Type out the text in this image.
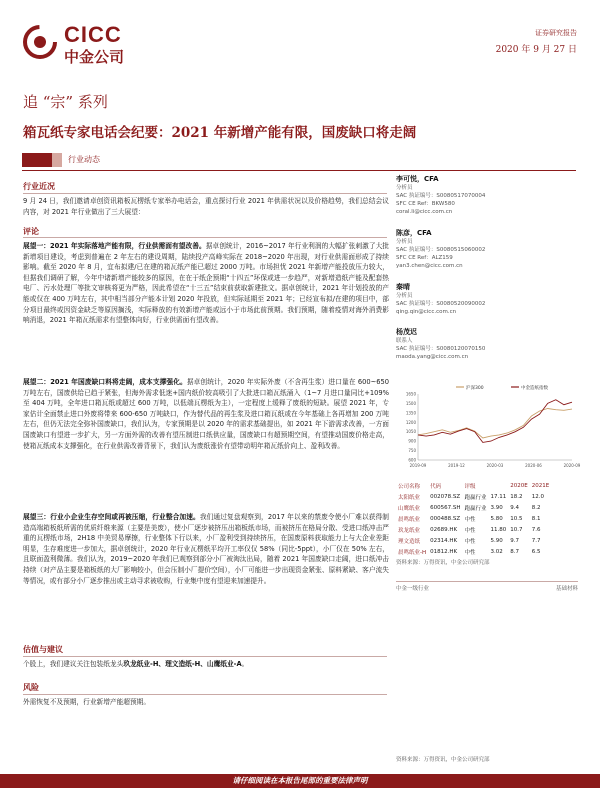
CICC
中金公司
证券研究报告
2020 年 9 月 27 日
追 “宗” 系列
箱瓦纸专家电话会纪要：2021 年新增产能有限，国废缺口将走阔
行业动态
行业近况
9 月 24 日，我们邀请卓创资讯箱板瓦楞纸专家举办电话会，重点探讨行业 2021 年供需状况以及价格趋势，我们总结会议内容，对 2021 年行业做出了三大展望：
评论
展望一：2021 年实际落地产能有限，行业供需面有望改善。据卓创统计，2016~2017 年行业利润的大幅扩张刺激了大批新增项目建设，考虑到普遍在 2 年左右的建设周期，陆续投产高峰实际在 2018~2020 年出现，对行业供需面形成了持续影响。截至 2020 年 8 月，宜布拟建/已在建的箱瓦纸产能已超过 2000 万吨。市场担忧 2021 年新增产能投放压力较大，但据我们调研了解，今年中诸新增产能较多的原因，在在于纸企预期“十四五”环保或进一步趋严，对新增造纸产能及配套热电厂、污水处理厂等批文审核将更为严格，因此希望在“十三五”结束前获取新建批文。据卓创统计，2021 年计划投放的产能或仅在 400 万吨左右，其中相当部分产能本计划 2020 年投放，但实际延期至 2021 年；已经宣布拟/在建的项目中，部分项目最终或因资金缺乏等原因搁浅，实际释放的有效新增产能或远小于市场此前预期。我们预期，随着疫情对海外消费影响消退，2021 年箱瓦纸需求有望整体向好，行业供需面有望改善。
展望二：2021 年国废缺口料将走阔，成本支撑强化。据卓创统计，2020 年实际外废（不含再生浆）进口量在 600~650 万吨左右，国废供给已趋于紧张，但海外需求低迷+国内纸价较高吸引了大批进口箱瓦纸涌入（1~7 月进口量同比+109%至 404 万吨，全年进口箱瓦纸或超过 600 万吨，以低端瓦楞纸为主），一定程度上缓释了废纸的短缺。展望 2021 年，专家估计全面禁止进口外废将带来 600-650 万吨缺口，作为替代品的再生浆及进口箱瓦纸或在今年基础上各再增加 200 万吨左右，但仍无法完全弥补国废缺口，我们认为，专家预期是以 2020 年的需求基础提出，如 2021 年下游需求改善，一方面国废缺口有望进一步扩大，另一方面外需的改善有望压制进口纸供应量，国废缺口有超预期空间，有望推动国废价格走高，使箱瓦纸成本支撑强化，在行业供需改善背景下，我们认为废纸涨价有望带动明年箱瓦纸价向上、盈利改善。
展望三：行业小企业生存空间或再被压缩，行业整合加速。我们通过复盘观察到，2017 年以来的禁废令使小厂难以获得制造高端箱板纸所需的优质纤维来源（主要是美废），使小厂逐步被挤压出箱板纸市场，而被挤压在格局分散、受进口纸冲击严重的瓦楞纸市场，2H18 中美贸易摩擦，行业整体下行以来，小厂盈利受到持续挤压，在国废原料获取能力上与大企业差距明显，生存难度进一步加大，据卓创统计，2020 年行业瓦楞纸平均开工率仅仅 58%（同比-5ppt），小厂仅在 50% 左右，且联面盈利微薄。我们认为，2019~2020 年我们已观察到部分小厂被淘汰出局，随着 2021 年国废缺口走阔，进口纸冲击持续（对产品主要是箱板纸的大厂影响较小，但会压制小厂提价空间），小厂可能进一步出现资金紧张、原料紧缺、客户流失等情况，或有部分小厂逐步推出或主动寻求被收购，行业集中度有望迎来加速提升。
估值与建议
个股上，我们建议关注包装纸龙头玖龙纸业-H、理文造纸-H、山鹰纸业-A。
风险
外需恢复不及预期，行业新增产能超预期。
李可悦，CFA
分析员
SAC 执证编号：S0080517070004
SFC CE Ref：BKW580
coral.li@cicc.com.cn
陈彦，CFA
分析员
SAC 执证编号：S0080515060002
SFC CE Ref：ALZ159
yan3.chen@cicc.com.cn
秦晴
分析员
SAC 执证编号：S0080520090002
qing.qin@cicc.com.cn
杨茂迟
联系人
SAC 执证编号：S0080120070150
maoda.yang@cicc.com.cn
600
750
900
1050
1200
1350
1500
1650
2019-09	2019-12	2020-03	2020-06	2020-09
沪深300	中金造纸指数
公司名称	代码	评级		2020E	2021E
太阳纸业	002078.SZ	跑赢行业	17.11	18.2	12.0
山鹰纸业	600567.SH	跑赢行业	3.90	9.4	8.2
晨鸣纸业	000488.SZ	中性	5.80	10.5	8.1
玖龙纸业	02689.HK	中性	11.80	10.7	7.6
理文造纸	02314.HK	中性	5.90	9.7	7.7
晨鸣纸业-H	01812.HK	中性	3.02	8.7	6.5
资料来源：万得资讯，中金公司研究部
中金一级行业	基础材料
资料来源：万得资讯，中金公司研究部
请仔细阅读在本报告尾部的重要法律声明
